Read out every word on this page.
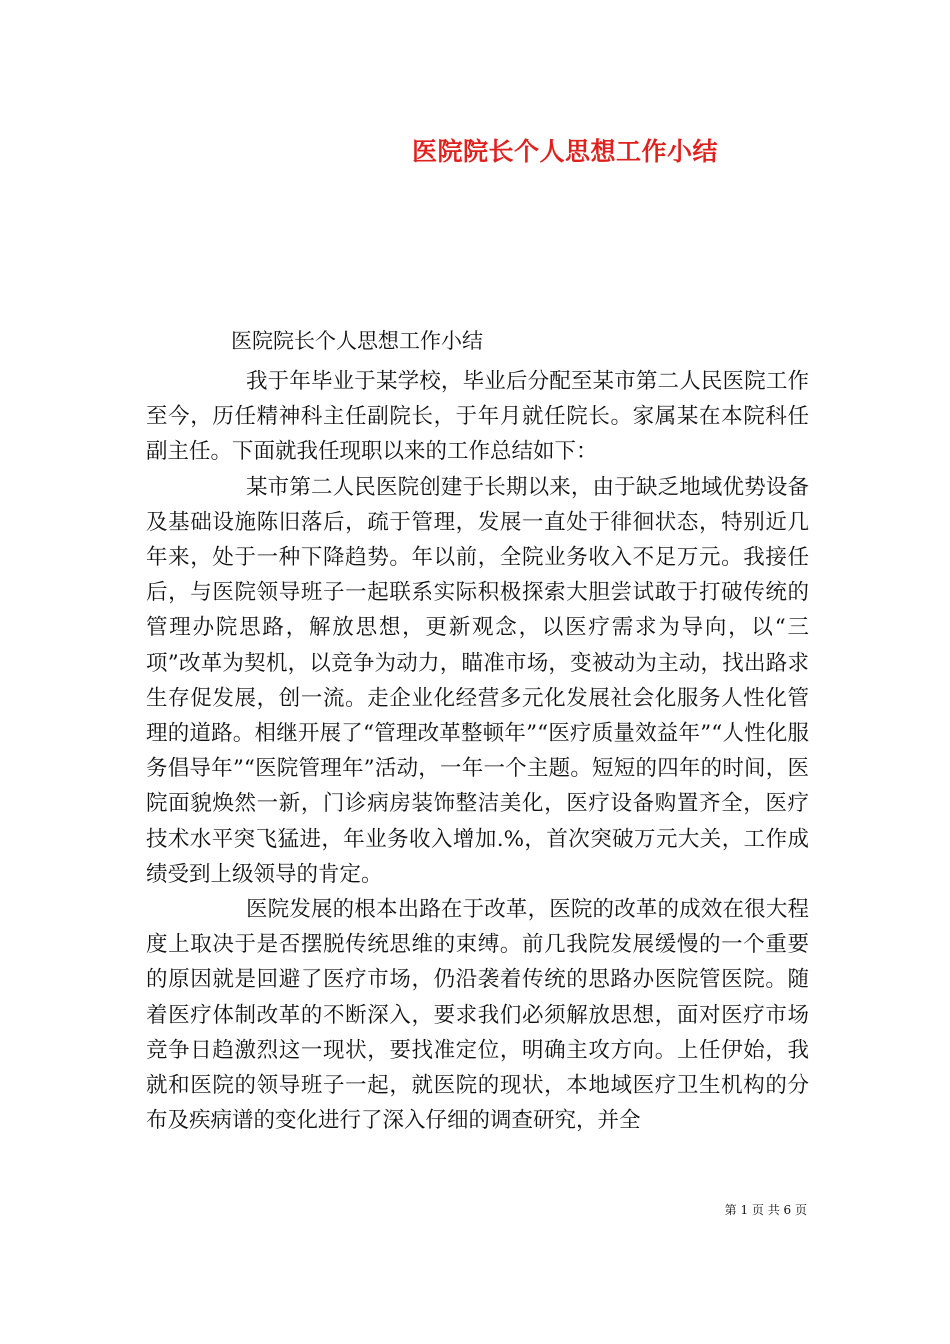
医院院长个人思想工作小结
医院院长个人思想工作小结

我于年毕业于某学校，毕业后分配至某市第二人民医院工作至今，历任精神科主任副院长，于年月就任院长。家属某在本院科任副主任。下面就我任现职以来的工作总结如下：

某市第二人民医院创建于长期以来，由于缺乏地域优势设备及基础设施陈旧落后，疏于管理，发展一直处于徘徊状态，特别近几年来，处于一种下降趋势。年以前，全院业务收入不足万元。我接任后，与医院领导班子一起联系实际积极探索大胆尝试敢于打破传统的管理办院思路，解放思想，更新观念，以医疗需求为导向，以“三项”改革为契机，以竞争为动力，瞄准市场，变被动为主动，找出路求生存促发展，创一流。走企业化经营多元化发展社会化服务人性化管理的道路。相继开展了“管理改革整顿年”“医疗质量效益年”“人性化服务倡导年”“医院管理年”活动，一年一个主题。短短的四年的时间，医院面貌焕然一新，门诊病房装饰整洁美化，医疗设备购置齐全，医疗技术水平突飞猛进，年业务收入增加.%，首次突破万元大关，工作成绩受到上级领导的肯定。

医院发展的根本出路在于改革，医院的改革的成效在很大程度上取决于是否摆脱传统思维的束缚。前几我院发展缓慢的一个重要的原因就是回避了医疗市场，仍沿袭着传统的思路办医院管医院。随着医疗体制改革的不断深入，要求我们必须解放思想，面对医疗市场竞争日趋激烈这一现状，要找准定位，明确主攻方向。上任伊始，我就和医院的领导班子一起，就医院的现状，本地域医疗卫生机构的分布及疾病谱的变化进行了深入仔细的调查研究，并全

第 1 页 共 6 页
